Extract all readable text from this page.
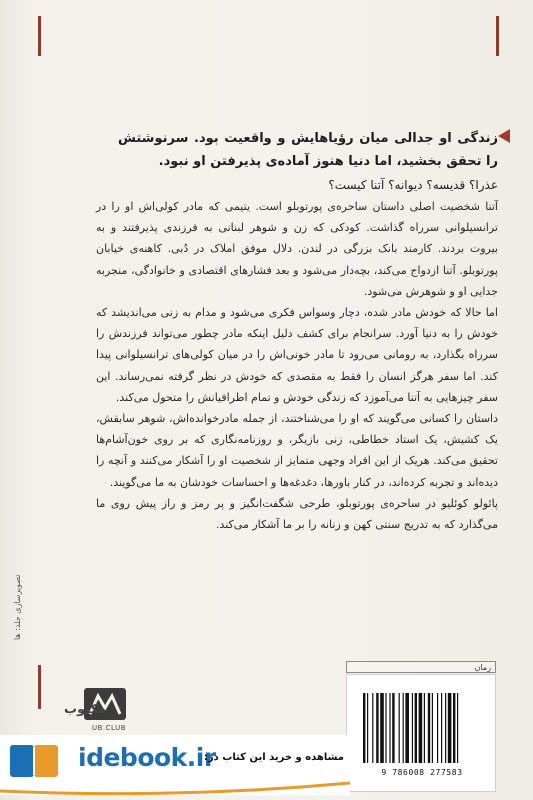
زندگی او جدالی میان رؤیاهایش و واقعیت بود. سرنوشتش را تحقق بخشید، اما دنیا هنوز آماده‌ی پذیرفتن او نبود.
عذرا؟ قدیسه؟ دیوانه؟ آتنا کیست؟

آتنا شخصیت اصلی داستان ساحره‌ی پورتوبلو است. یتیمی که مادر کولی‌اش او را در ترانسیلوانی سرراه گذاشت. کودکی که زن و شوهر لبنانی به فرزندی پذیرفتند و به بیروت بردند. کارمند بانک بزرگی در لندن. دلال موفق املاک در دُبی. کاهنه‌ی خیابان پورتوبلو. آتنا ازدواج می‌کند، بچه‌دار می‌شود و بعد فشارهای اقتصادی و خانوادگی، منجربه جدایی او و شوهرش می‌شود.

اما حالا که خودش مادر شده، دچار وسواس فکری می‌شود و مدام به زنی می‌اندیشد که خودش را به دنیا آورد. سرانجام برای کشف دلیل اینکه مادر چطور می‌تواند فرزندش را سرراه بگذارد، به رومانی می‌رود تا مادر خونی‌اش را در میان کولی‌های ترانسیلوانی پیدا کند. اما سفر هرگز انسان را فقط به مقصدی که خودش در نظر گرفته نمی‌رساند. این سفر چیزهایی به آتنا می‌آموزد که زندگی خودش و تمام اطرافیانش را متحول می‌کند.

داستان را کسانی می‌گویند که او را می‌شناختند، از جمله مادرخوانده‌اش، شوهر سابقش، یک کشیش، یک استاد خطاطی، زنی بازیگر، و روزنامه‌نگاری که بر روی خون‌آشام‌ها تحقیق می‌کند. هریک از این افراد وجهی متمایز از شخصیت او را آشکار می‌کنند و آنچه را دیده‌اند و تجربه کرده‌اند، در کنار باورها، دغدغه‌ها و احساسات خودشان به ما می‌گویند.

پائولو کوئلیو در ساحره‌ی پورتوبلو، طرحی شگفت‌انگیز و پر رمز و راز پیش روی ما می‌گذارد که به تدریج سنتی کهن و زنانه را بر ما آشکار می‌کند.

تصویرسازی جلد: ها
رمان
9 786008 277583
مکتوب
UB.CLUB
idebook.ir
مشاهده و خرید این کتاب در:
